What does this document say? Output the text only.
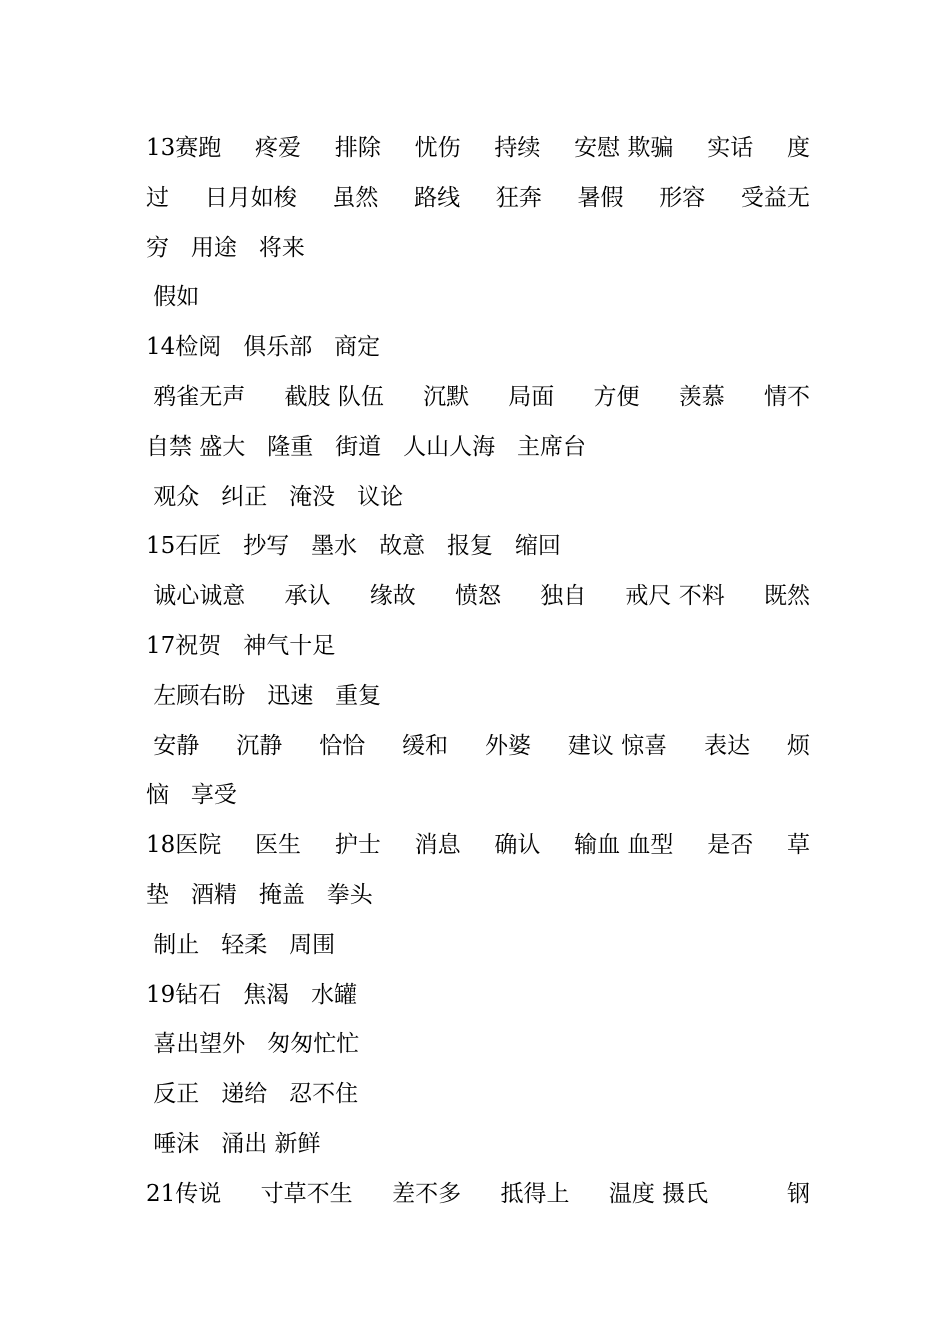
13赛跑 疼爱 排除 忧伤 持续 安慰 欺骗 实话 度
过 日月如梭 虽然 路线 狂奔 暑假 形容 受益无
穷   用途   将来
假如
14检阅   俱乐部   商定
鸦雀无声 截肢 队伍 沉默 局面 方便 羡慕 情不
自禁 盛大   隆重   街道   人山人海   主席台
观众   纠正   淹没   议论
15石匠   抄写   墨水   故意   报复   缩回
诚心诚意 承认 缘故 愤怒 独自 戒尺 不料 既然
17祝贺   神气十足
左顾右盼   迅速   重复
安静 沉静 恰恰 缓和 外婆 建议 惊喜 表达 烦
恼   享受
18医院 医生 护士 消息 确认 输血 血型 是否 草
垫   酒精   掩盖   拳头
制止   轻柔   周围
19钻石   焦渴   水罐
喜出望外   匆匆忙忙
反正   递给   忍不住
唾沫   涌出 新鲜
21传说 寸草不生 差不多 抵得上 温度 摄氏	钢
